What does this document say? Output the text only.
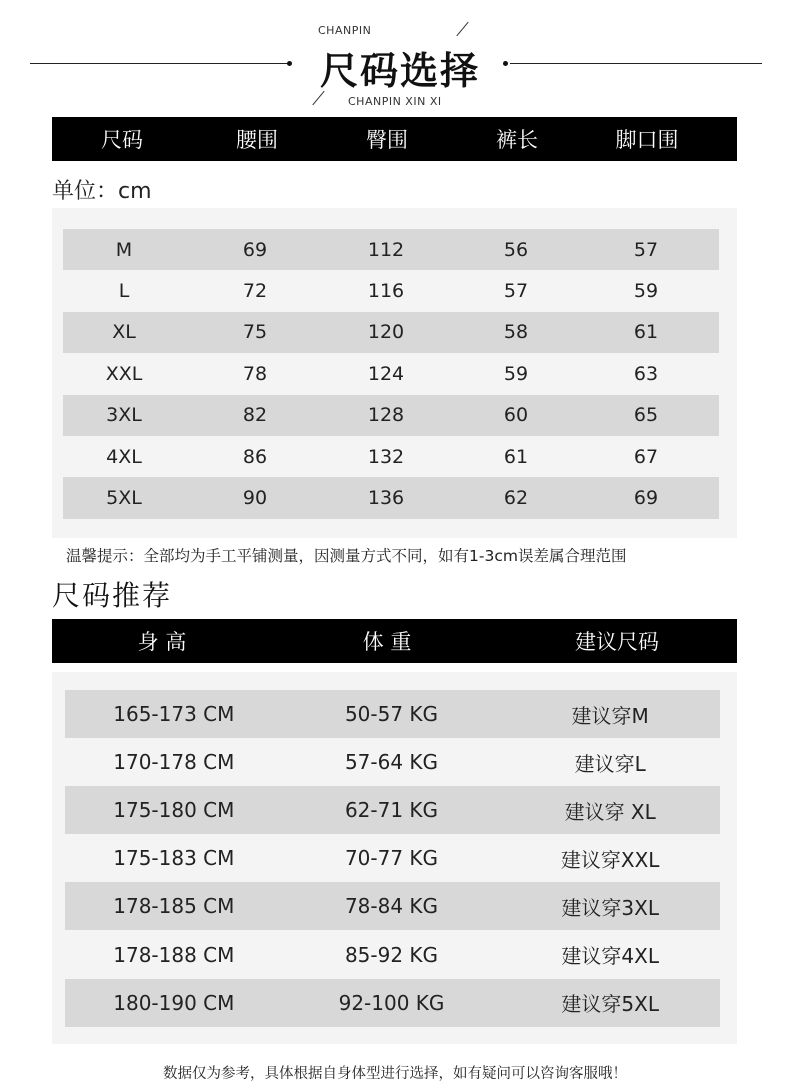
CHANPIN
尺码选择
CHANPIN XIN XI
尺码	腰围	臀围	裤长	脚口围
单位：cm
M	69	112	56	57
L	72	116	57	59
XL	75	120	58	61
XXL	78	124	59	63
3XL	82	128	60	65
4XL	86	132	61	67
5XL	90	136	62	69
温馨提示：全部均为手工平铺测量，因测量方式不同，如有1-3cm误差属合理范围
尺码推荐
身 高	体 重	建议尺码
165-173 CM	50-57 KG	建议穿M
170-178 CM	57-64 KG	建议穿L
175-180 CM	62-71 KG	建议穿 XL
175-183 CM	70-77 KG	建议穿XXL
178-185 CM	78-84 KG	建议穿3XL
178-188 CM	85-92 KG	建议穿4XL
180-190 CM	92-100 KG	建议穿5XL
数据仅为参考，具体根据自身体型进行选择，如有疑问可以咨询客服哦！
